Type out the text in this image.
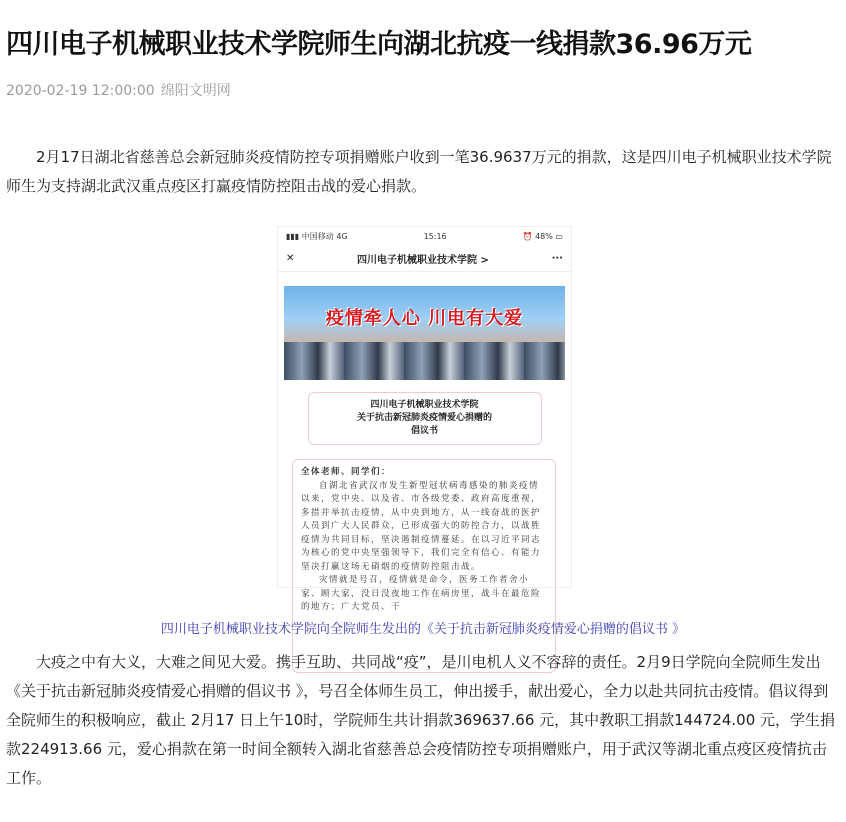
四川电子机械职业技术学院师生向湖北抗疫一线捐款36.96万元
2020-02-19 12:00:00 绵阳文明网

2月17日湖北省慈善总会新冠肺炎疫情防控专项捐赠账户收到一笔36.9637万元的捐款，这是四川电子机械职业技术学院师生为支持湖北武汉重点疫区打赢疫情防控阻击战的爱心捐款。

▮▮▮ 中国移动 4G	15:16	⏰ 48% ▭
✕	四川电子机械职业技术学院 >	···
疫情牵人心 川电有大爱
四川电子机械职业技术学院
关于抗击新冠肺炎疫情爱心捐赠的
倡议书
全体老师、同学们：

自湖北省武汉市发生新型冠状病毒感染的肺炎疫情以来，党中央、以及省、市各级党委、政府高度重视，多措并举抗击疫情，从中央到地方，从一线奋战的医护人员到广大人民群众，已形成强大的防控合力，以战胜疫情为共同目标，坚决遏制疫情蔓延。在以习近平同志为核心的党中央坚强领导下，我们完全有信心、有能力坚决打赢这场无硝烟的疫情防控阻击战。

灾情就是号召，疫情就是命令，医务工作者舍小家、顾大家，没日没夜地工作在病房里，战斗在最危险的地方；广大党员、干

四川电子机械职业技术学院向全院师生发出的《关于抗击新冠肺炎疫情爱心捐赠的倡议书 》

大疫之中有大义，大难之间见大爱。携手互助、共同战“疫”，是川电机人义不容辞的责任。2月9日学院向全院师生发出《关于抗击新冠肺炎疫情爱心捐赠的倡议书 》，号召全体师生员工，伸出援手，献出爱心，全力以赴共同抗击疫情。倡议得到全院师生的积极响应，截止 2月17 日上午10时，学院师生共计捐款369637.66 元，其中教职工捐款144724.00 元，学生捐款224913.66 元，爱心捐款在第一时间全额转入湖北省慈善总会疫情防控专项捐赠账户，用于武汉等湖北重点疫区疫情抗击工作。
